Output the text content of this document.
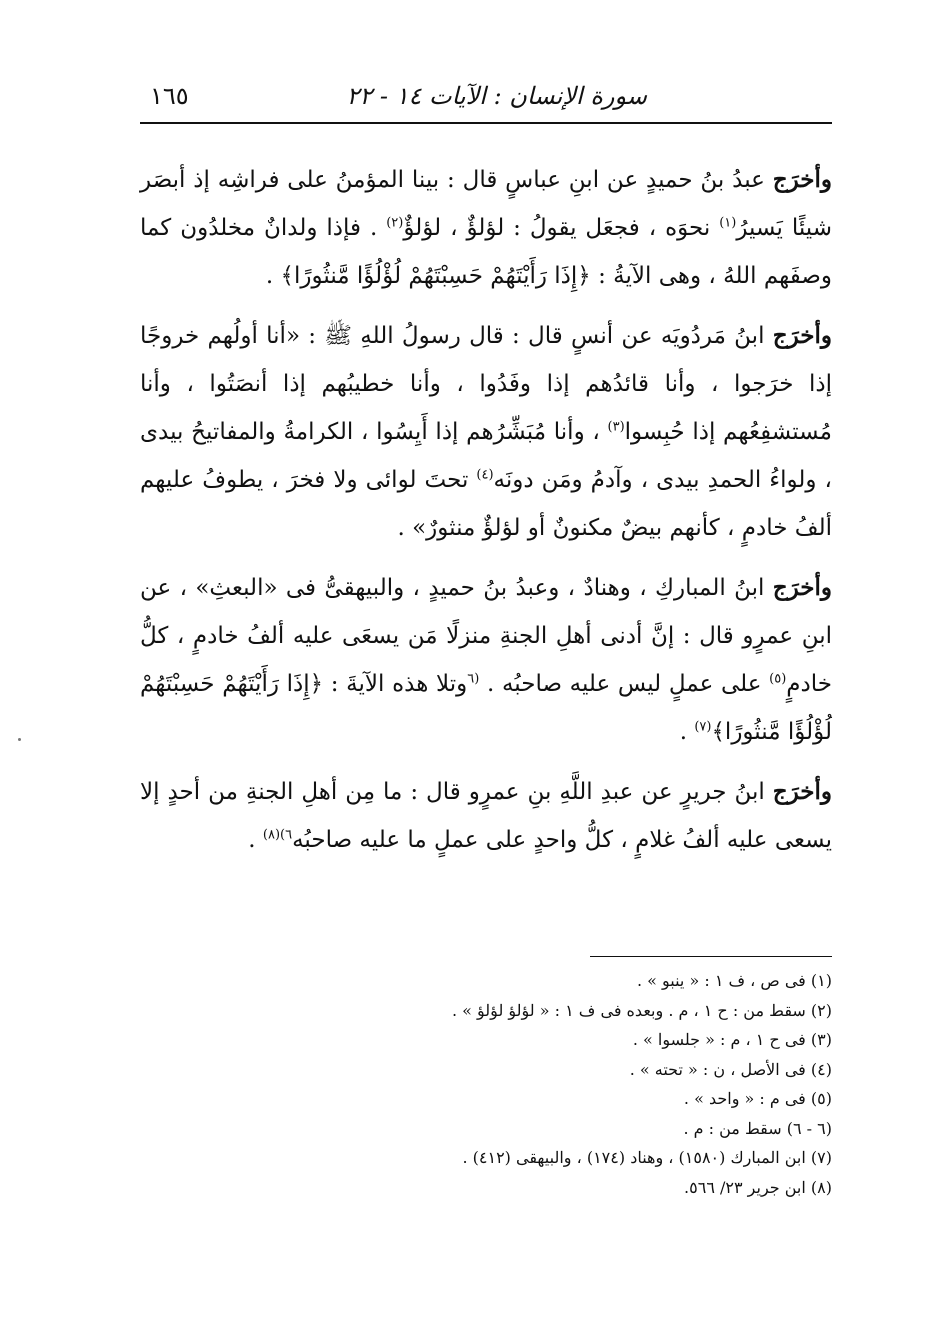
سورة الإنسان : الآيات ١٤ - ٢٢
١٦٥

وأخرَج عبدُ بنُ حميدٍ عن ابنِ عباسٍ قال : بينا المؤمنُ على فراشِه إذ أبصَر شيئًا يَسيرُ$^{(١)}$ نحوَه ، فجعَل يقولُ : لؤلؤٌ ، لؤلؤٌ$^{(٢)}$ . فإذا ولدانٌ مخلدُون كما وصفَهم اللهُ ، وهى الآيةُ : ﴿إِذَا رَأَيْتَهُمْ حَسِبْتَهُمْ لُؤْلُؤًا مَّنثُورًا﴾ .

وأخرَج ابنُ مَردُويَه عن أنسٍ قال : قال رسولُ اللهِ ﷺ : «أنا أولُهم خروجًا إذا خرَجوا ، وأنا قائدُهم إذا وفَدُوا ، وأنا خطيبُهم إذا أنصَتُوا ، وأنا مُستشفِعُهم إذا حُبِسوا$^{(٣)}$ ، وأنا مُبَشِّرُهم إذا أَيِسُوا ، الكرامةُ والمفاتيحُ بيدى ، ولواءُ الحمدِ بيدى ، وآدمُ ومَن دونَه$^{(٤)}$ تحتَ لوائى ولا فخرَ ، يطوفُ عليهم ألفُ خادمٍ ، كأنهم بيضٌ مكنونٌ أو لؤلؤٌ منثورٌ» .

وأخرَج ابنُ المباركِ ، وهنادٌ ، وعبدُ بنُ حميدٍ ، والبيهقىُّ فى «البعثِ» ، عن ابنِ عمرٍو قال : إنَّ أدنى أهلِ الجنةِ منزلًا مَن يسعَى عليه ألفُ خادمٍ ، كلُّ خادمٍ$^{(٥)}$ على عملٍ ليس عليه صاحبُه . $^{(٦}$وتلا هذه الآيةَ : ﴿إِذَا رَأَيْتَهُمْ حَسِبْتَهُمْ لُؤْلُؤًا مَّنثُورًا﴾$^{(٧)}$ .

وأخرَج ابنُ جريرٍ عن عبدِ اللَّهِ بنِ عمرٍو قال : ما مِن أهلِ الجنةِ من أحدٍ إلا يسعى عليه ألفُ غلامٍ ، كلُّ واحدٍ على عملٍ ما عليه صاحبُه$^{٦)(٨)}$ .

(١) فى ص ، ف ١ : « ينبو » .

(٢) سقط من : ح ١ ، م . وبعده فى ف ١ : « لؤلؤ لؤلؤ » .

(٣) فى ح ١ ، م : « جلسوا » .

(٤) فى الأصل ، ن : « تحته » .

(٥) فى م : « واحد » .

(٦ - ٦) سقط من : م .

(٧) ابن المبارك (١٥٨٠) ، وهناد (١٧٤) ، والبيهقى (٤١٢) .

(٨) ابن جرير ٢٣/ ٥٦٦.
